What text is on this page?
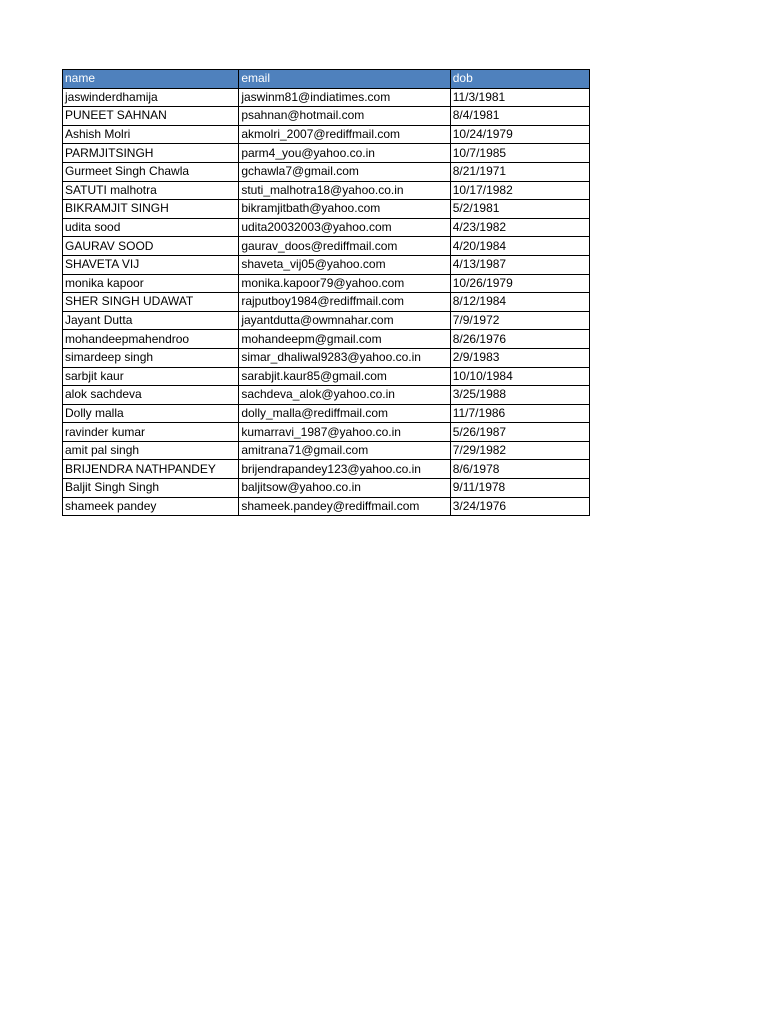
name	email	dob
jaswinderdhamija	jaswinm81@indiatimes.com	11/3/1981
PUNEET SAHNAN	psahnan@hotmail.com	8/4/1981
Ashish Molri	akmolri_2007@rediffmail.com	10/24/1979
PARMJITSINGH	parm4_you@yahoo.co.in	10/7/1985
Gurmeet Singh Chawla	gchawla7@gmail.com	8/21/1971
SATUTI malhotra	stuti_malhotra18@yahoo.co.in	10/17/1982
BIKRAMJIT SINGH	bikramjitbath@yahoo.com	5/2/1981
udita sood	udita20032003@yahoo.com	4/23/1982
GAURAV SOOD	gaurav_doos@rediffmail.com	4/20/1984
SHAVETA VIJ	shaveta_vij05@yahoo.com	4/13/1987
monika kapoor	monika.kapoor79@yahoo.com	10/26/1979
SHER SINGH UDAWAT	rajputboy1984@rediffmail.com	8/12/1984
Jayant Dutta	jayantdutta@owmnahar.com	7/9/1972
mohandeepmahendroo	mohandeepm@gmail.com	8/26/1976
simardeep singh	simar_dhaliwal9283@yahoo.co.in	2/9/1983
sarbjit kaur	sarabjit.kaur85@gmail.com	10/10/1984
alok sachdeva	sachdeva_alok@yahoo.co.in	3/25/1988
Dolly malla	dolly_malla@rediffmail.com	11/7/1986
ravinder kumar	kumarravi_1987@yahoo.co.in	5/26/1987
amit pal singh	amitrana71@gmail.com	7/29/1982
BRIJENDRA NATHPANDEY	brijendrapandey123@yahoo.co.in	8/6/1978
Baljit Singh Singh	baljitsow@yahoo.co.in	9/11/1978
shameek pandey	shameek.pandey@rediffmail.com	3/24/1976
